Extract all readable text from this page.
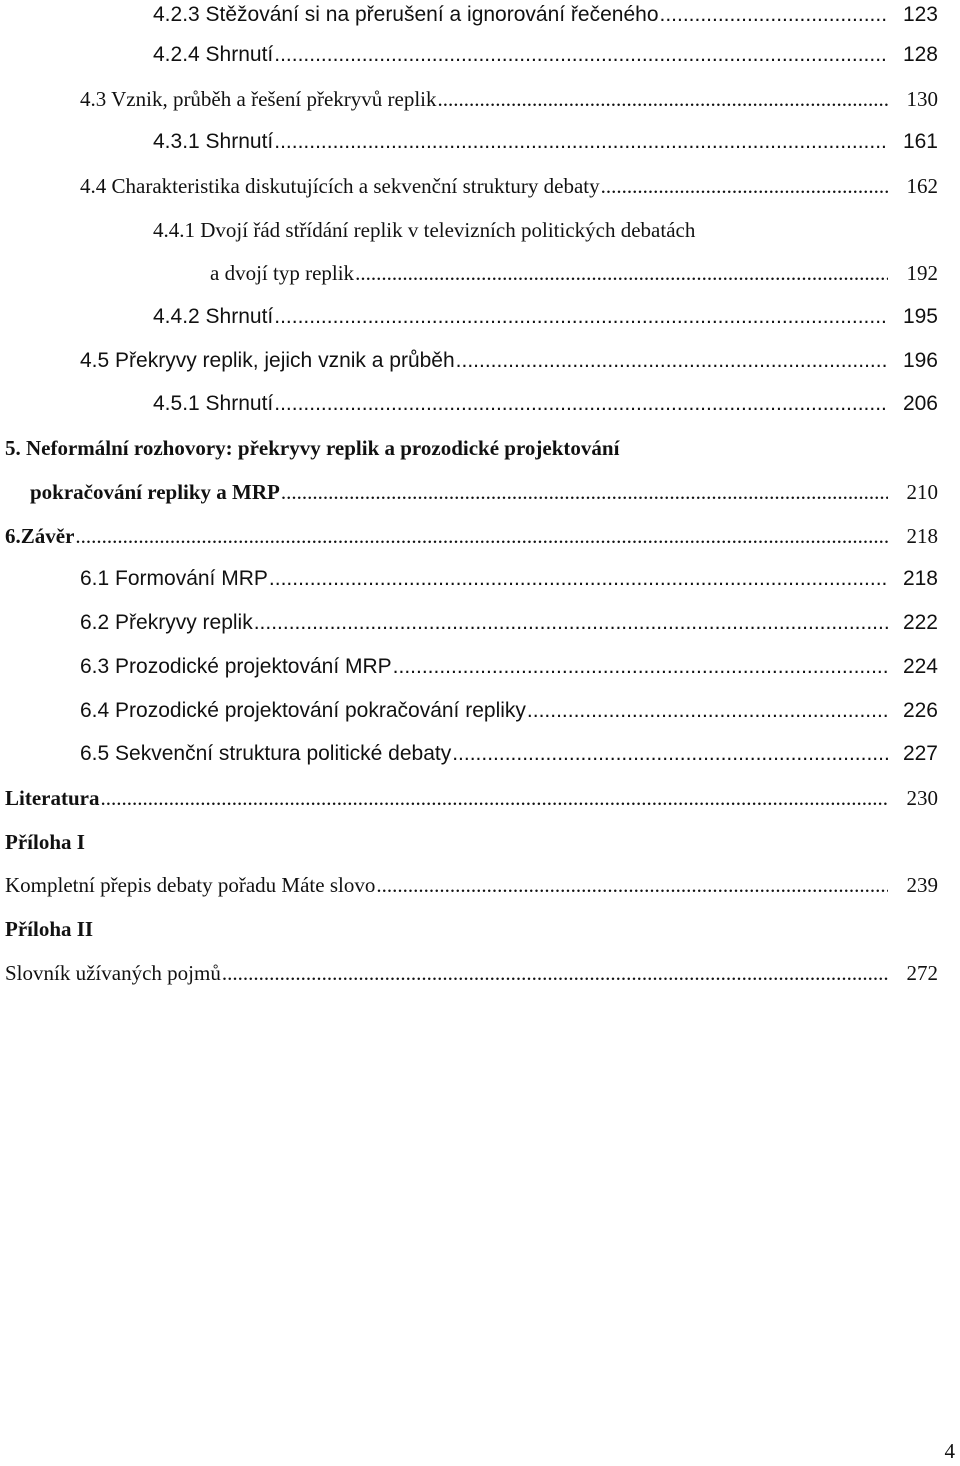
4.2.3 Stěžování si na přerušení a ignorování řečeného .....	123
4.2.4 Shrnutí .....	128
4.3 Vznik, průběh a řešení překryvů replik .....	130
4.3.1 Shrnutí .....	161
4.4 Charakteristika diskutujících a sekvenční struktury debaty .....	162
4.4.1 Dvojí řád střídání replik v televizních politických debatách
a dvojí typ replik .....	192
4.4.2 Shrnutí .....	195
4.5 Překryvy replik, jejich vznik a průběh .....	196
4.5.1 Shrnutí .....	206
5. Neformální rozhovory: překryvy replik a prozodické projektování
pokračování repliky a MRP .....	210
6.Závěr .....	218
6.1 Formování MRP .....	218
6.2 Překryvy replik .....	222
6.3 Prozodické projektování MRP .....	224
6.4 Prozodické projektování pokračování repliky .....	226
6.5 Sekvenční struktura politické debaty .....	227
Literatura .....	230
Příloha I
Kompletní přepis debaty pořadu Máte slovo .....	239
Příloha II
Slovník užívaných pojmů .....	272
4
